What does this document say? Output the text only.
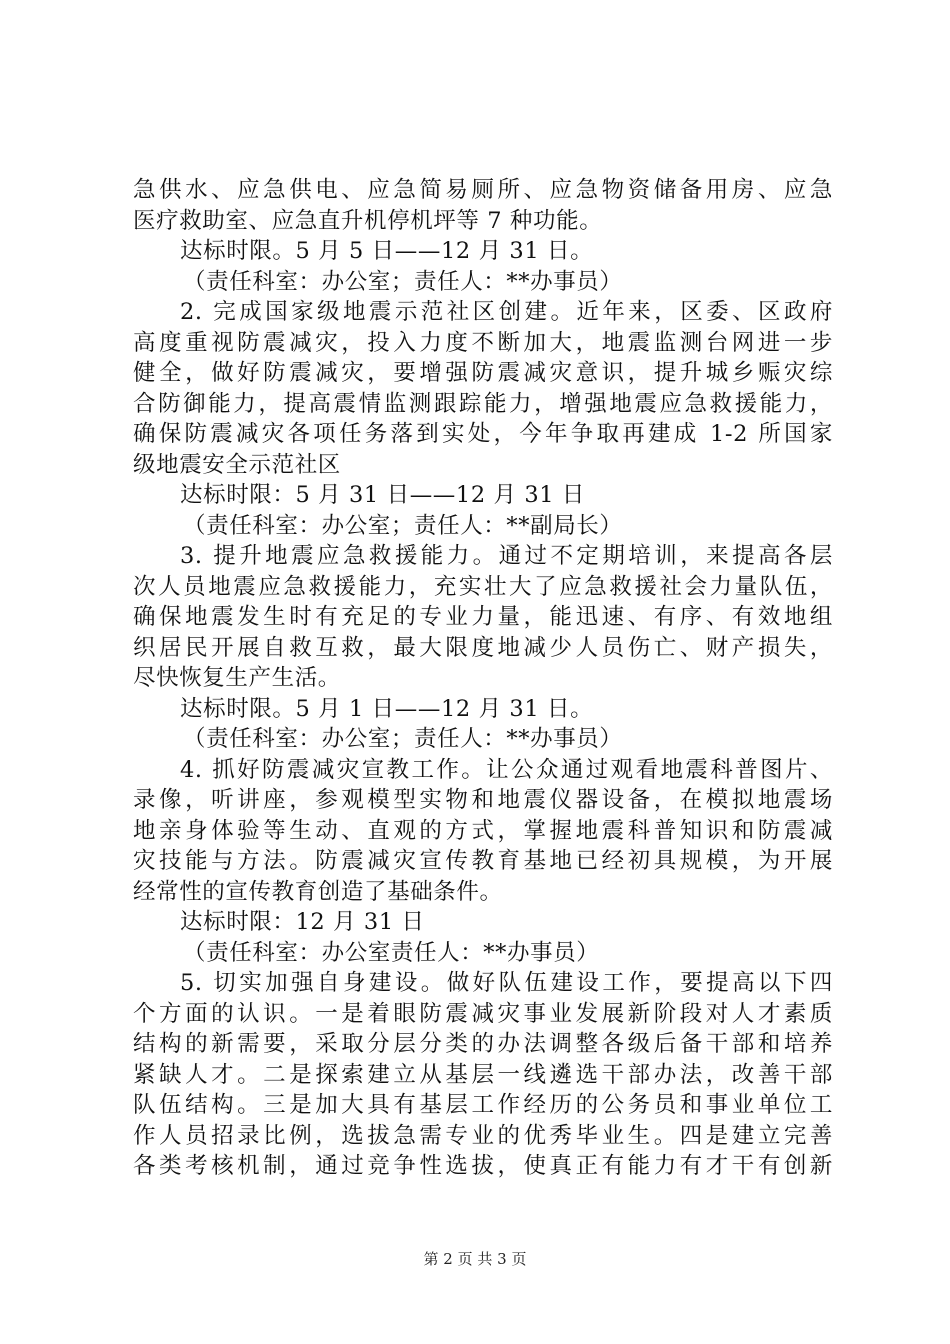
急供水、应急供电、应急简易厕所、应急物资储备用房、应急
医疗救助室、应急直升机停机坪等 7 种功能。
达标时限。5 月 5 日——12 月 31 日。
（责任科室：办公室；责任人：**办事员）
2. 完成国家级地震示范社区创建。近年来，区委、区政府
高度重视防震减灾，投入力度不断加大，地震监测台网进一步
健全，做好防震减灾，要增强防震减灾意识，提升城乡赈灾综
合防御能力，提高震情监测跟踪能力，增强地震应急救援能力，
确保防震减灾各项任务落到实处，今年争取再建成 1-2 所国家
级地震安全示范社区
达标时限：5 月 31 日——12 月 31 日
（责任科室：办公室；责任人：**副局长）
3. 提升地震应急救援能力。通过不定期培训，来提高各层
次人员地震应急救援能力，充实壮大了应急救援社会力量队伍，
确保地震发生时有充足的专业力量，能迅速、有序、有效地组
织居民开展自救互救，最大限度地减少人员伤亡、财产损失，
尽快恢复生产生活。
达标时限。5 月 1 日——12 月 31 日。
（责任科室：办公室；责任人：**办事员）
4. 抓好防震减灾宣教工作。让公众通过观看地震科普图片、
录像，听讲座，参观模型实物和地震仪器设备，在模拟地震场
地亲身体验等生动、直观的方式，掌握地震科普知识和防震减
灾技能与方法。防震减灾宣传教育基地已经初具规模，为开展
经常性的宣传教育创造了基础条件。
达标时限：12 月 31 日
（责任科室：办公室责任人：**办事员）
5. 切实加强自身建设。做好队伍建设工作，要提高以下四
个方面的认识。一是着眼防震减灾事业发展新阶段对人才素质
结构的新需要，采取分层分类的办法调整各级后备干部和培养
紧缺人才。二是探索建立从基层一线遴选干部办法，改善干部
队伍结构。三是加大具有基层工作经历的公务员和事业单位工
作人员招录比例，选拔急需专业的优秀毕业生。四是建立完善
各类考核机制，通过竞争性选拔，使真正有能力有才干有创新
第 2 页 共 3 页
